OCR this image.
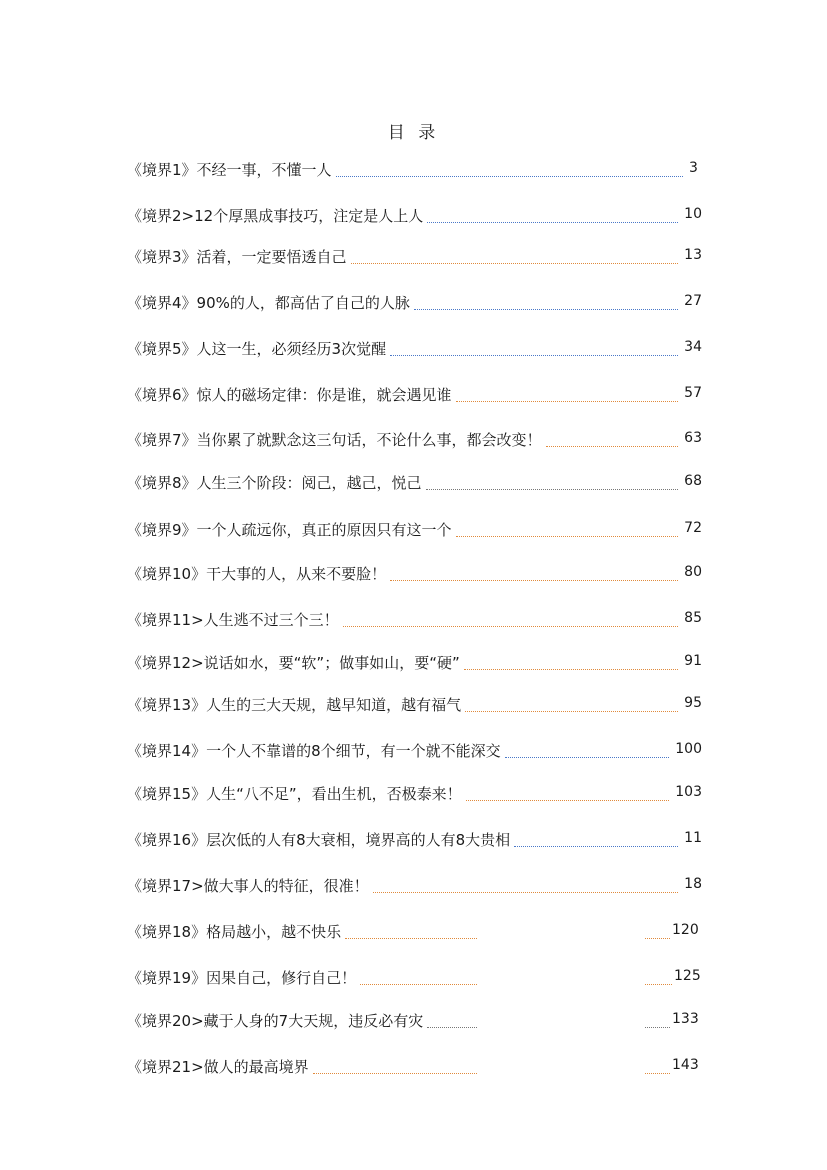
目 录
《境界1》不经一事，不懂一人	3
《境界2>12个厚黑成事技巧，注定是人上人	10
《境界3》活着，一定要悟透自己	13
《境界4》90%的人，都高估了自己的人脉	27
《境界5》人这一生，必须经历3次觉醒	34
《境界6》惊人的磁场定律：你是谁，就会遇见谁	57
《境界7》当你累了就默念这三句话，不论什么事，都会改变！	63
《境界8》人生三个阶段：阅己，越己，悦己	68
《境界9》一个人疏远你，真正的原因只有这一个	72
《境界10》干大事的人，从来不要脸！	80
《境界11>人生逃不过三个三！	85
《境界12>说话如水，要“软”；做事如山，要“硬”	91
《境界13》人生的三大天规，越早知道，越有福气	95
《境界14》一个人不靠谱的8个细节，有一个就不能深交	100
《境界15》人生“八不足”，看出生机，否极泰来！	103
《境界16》层次低的人有8大衰相，境界高的人有8大贵相	11
《境界17>做大事人的特征，很准！	18
《境界18》格局越小，越不快乐	120
《境界19》因果自己，修行自己！	125
《境界20>藏于人身的7大天规，违反必有灾	133
《境界21>做人的最高境界	143
